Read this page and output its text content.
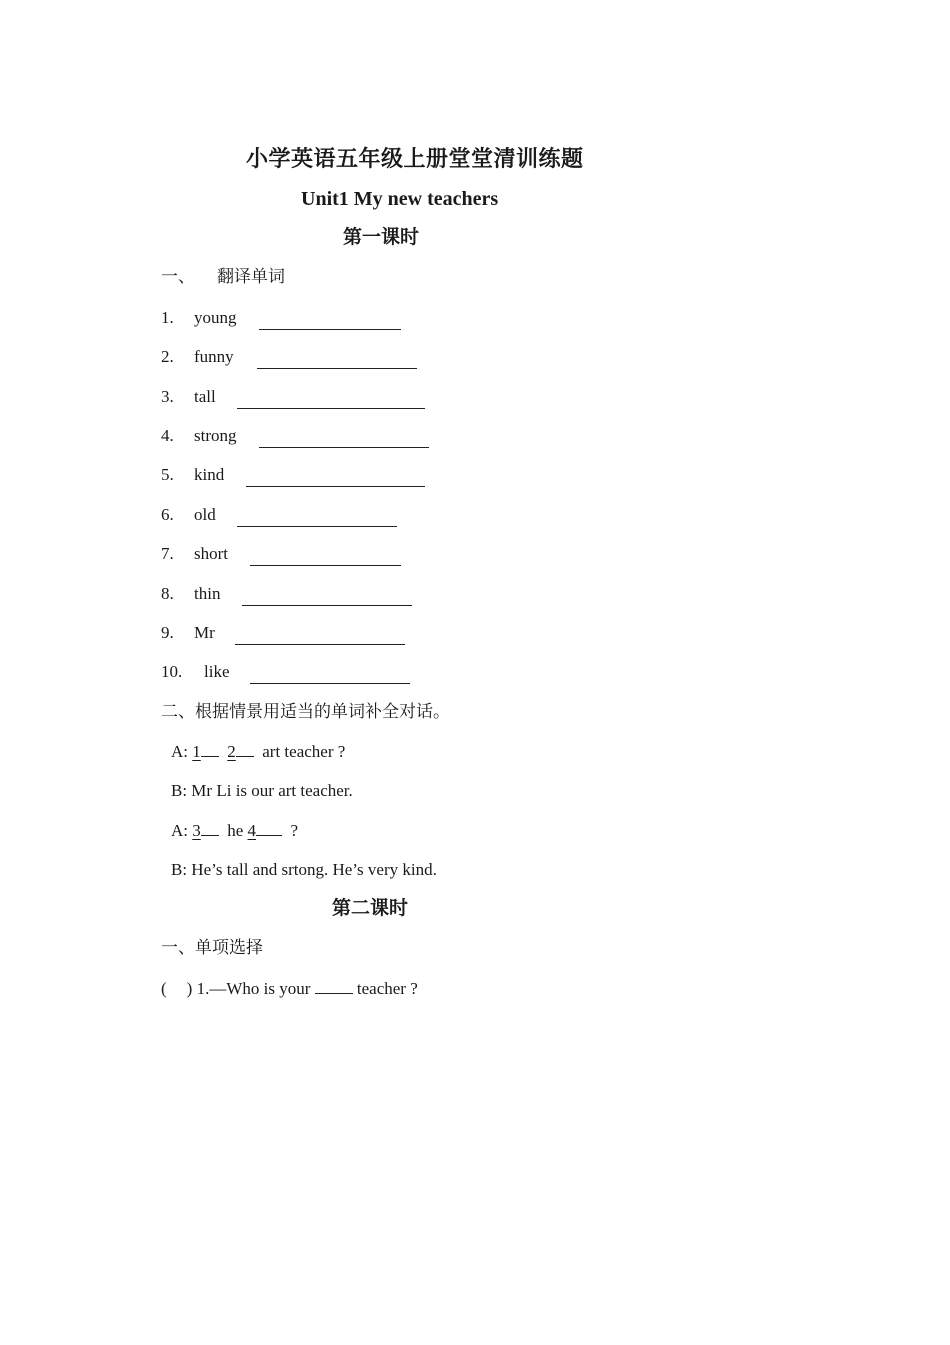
小学英语五年级上册堂堂清训练题
Unit1 My new teachers
第一课时
一、 翻译单词
1. young
2. funny
3. tall
4. strong
5. kind
6. old
7. short
8. thin
9. Mr
10. like
二、根据情景用适当的单词补全对话。
A: 1 2 art teacher ?
B: Mr Li is our art teacher.
A: 3 he 4 ?
B: He’s tall and srtong. He’s very kind.
第二课时
一、单项选择
( ) 1.—Who is your	teacher ?
